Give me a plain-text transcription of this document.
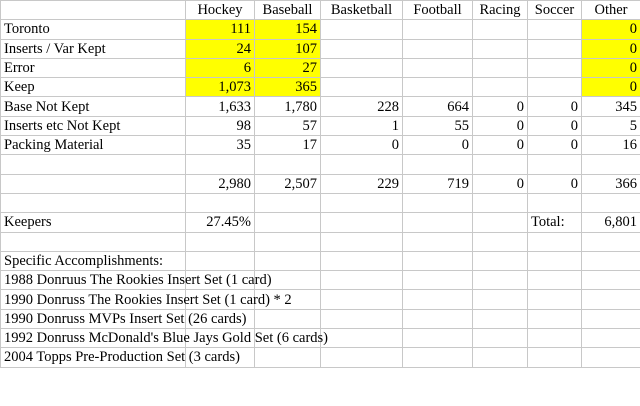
	Hockey	Baseball	Basketball	Football	Racing	Soccer	Other
Toronto	111	154					0
Inserts / Var Kept	24	107					0
Error	6	27					0
Keep	1,073	365					0
Base Not Kept	1,633	1,780	228	664	0	0	345
Inserts etc Not Kept	98	57	1	55	0	0	5
Packing Material	35	17	0	0	0	0	16

	2,980	2,507	229	719	0	0	366

Keepers	27.45%					Total:	6,801

Specific Accomplishments:							
1988 Donruus The Rookies Insert Set (1 card)							
1990 Donruss The Rookies Insert Set (1 card) * 2							
1990 Donruss MVPs Insert Set (26 cards)							
1992 Donruss McDonald's Blue Jays Gold Set (6 cards)							
2004 Topps Pre-Production Set (3 cards)							
